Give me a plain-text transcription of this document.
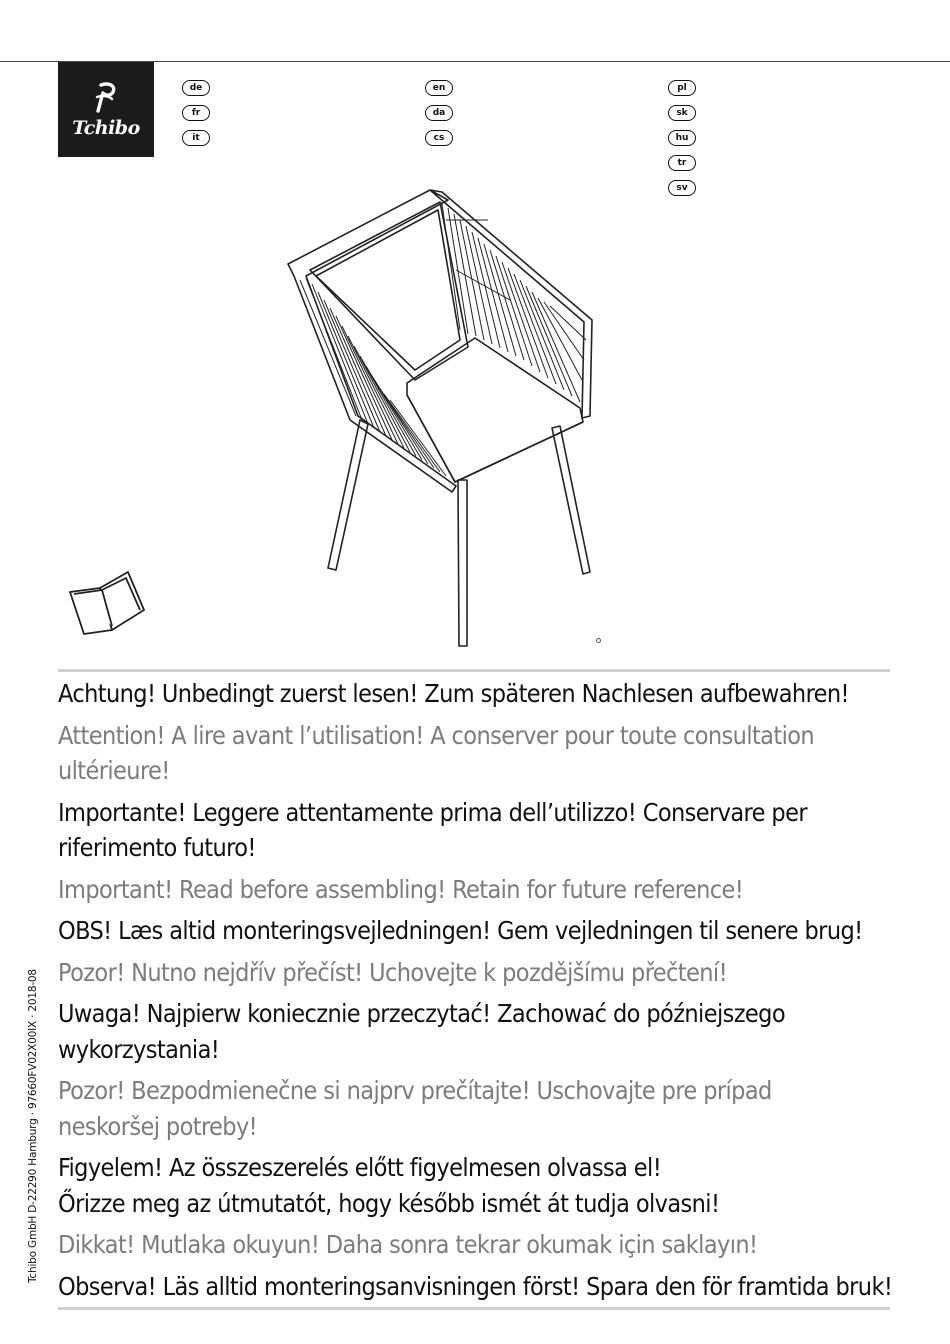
Tchibo
de
fr
it
en
da
cs
pl
sk
hu
tr
sv

Achtung! Unbedingt zuerst lesen! Zum späteren Nachlesen aufbewahren!

Attention! A lire avant l’utilisation! A conserver pour toute consultation
ultérieure!

Importante! Leggere attentamente prima dell’utilizzo! Conservare per
riferimento futuro!

Important! Read before assembling! Retain for future reference!

OBS! Læs altid monteringsvejledningen! Gem vejledningen til senere brug!

Pozor! Nutno nejdřív přečíst! Uchovejte k pozdějšímu přečtení!

Uwaga! Najpierw koniecznie przeczytać! Zachować do późniejszego
wykorzystania!

Pozor! Bezpodmienečne si najprv prečítajte! Uschovajte pre prípad
neskoršej potreby!

Figyelem! Az összeszerelés előtt figyelmesen olvassa el!
Őrizze meg az útmutatót, hogy később ismét át tudja olvasni!

Dikkat! Mutlaka okuyun! Daha sonra tekrar okumak için saklayın!

Observa! Läs alltid monteringsanvisningen först! Spara den för framtida bruk!

Tchibo GmbH D-22290 Hamburg · 97660FV02X00IX · 2018-08
